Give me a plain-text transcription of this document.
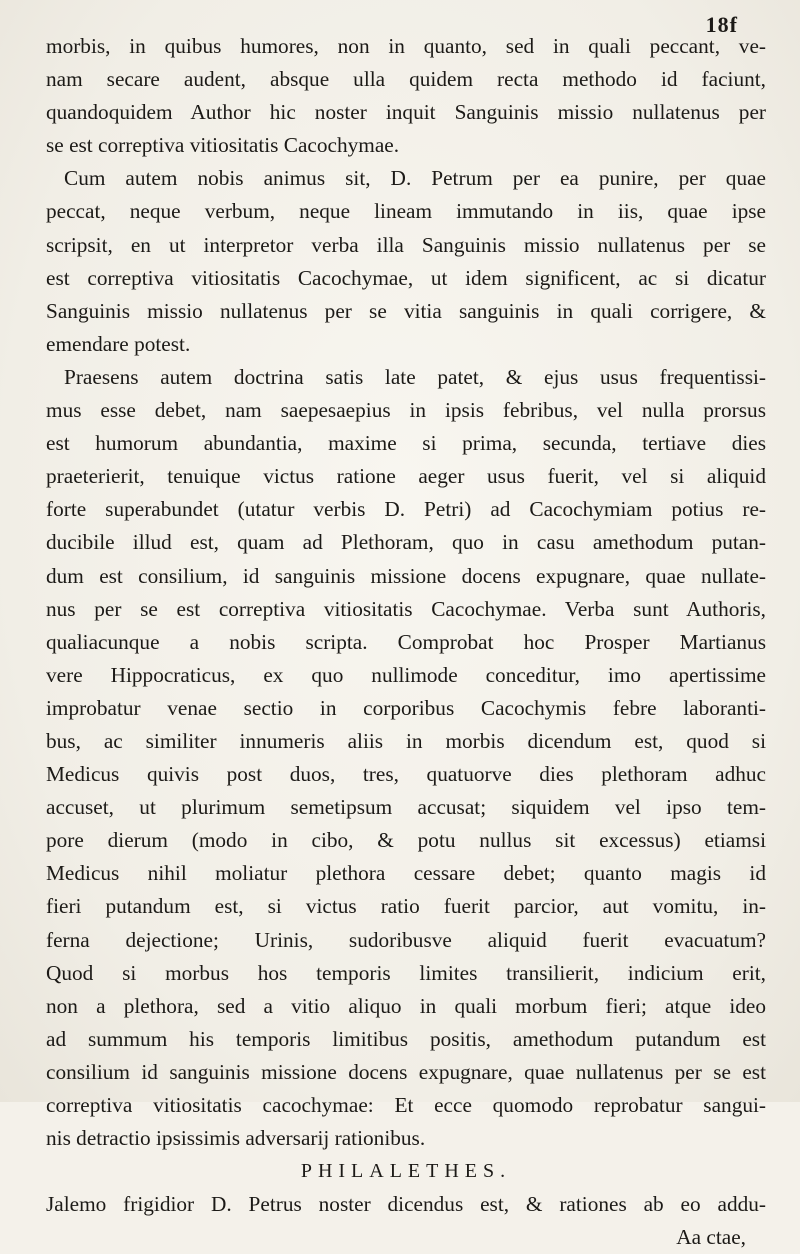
18f
morbis, in quibus humores, non in quanto, sed in quali peccant, ve-
nam secare audent, absque ulla quidem recta methodo id faciunt,
quandoquidem Author hic noster inquit Sanguinis missio nullatenus per
se est correptiva vitiositatis Cacochymae.
Cum autem nobis animus sit, D. Petrum per ea punire, per quae
peccat, neque verbum, neque lineam immutando in iis, quae ipse
scripsit, en ut interpretor verba illa Sanguinis missio nullatenus per se
est correptiva vitiositatis Cacochymae, ut idem significent, ac si dicatur
Sanguinis missio nullatenus per se vitia sanguinis in quali corrigere, &
emendare potest.
Praesens autem doctrina satis late patet, & ejus usus frequentissi-
mus esse debet, nam saepesaepius in ipsis febribus, vel nulla prorsus
est humorum abundantia, maxime si prima, secunda, tertiave dies
praeterierit, tenuique victus ratione aeger usus fuerit, vel si aliquid
forte superabundet (utatur verbis D. Petri) ad Cacochymiam potius re-
ducibile illud est, quam ad Plethoram, quo in casu amethodum putan-
dum est consilium, id sanguinis missione docens expugnare, quae nullate-
nus per se est correptiva vitiositatis Cacochymae. Verba sunt Authoris,
qualiacunque a nobis scripta. Comprobat hoc Prosper Martianus
vere Hippocraticus, ex quo nullimode conceditur, imo apertissime
improbatur venae sectio in corporibus Cacochymis febre laboranti-
bus, ac similiter innumeris aliis in morbis dicendum est, quod si
Medicus quivis post duos, tres, quatuorve dies plethoram adhuc
accuset, ut plurimum semetipsum accusat; siquidem vel ipso tem-
pore dierum (modo in cibo, & potu nullus sit excessus) etiamsi
Medicus nihil moliatur plethora cessare debet; quanto magis id
fieri putandum est, si victus ratio fuerit parcior, aut vomitu, in-
ferna dejectione; Urinis, sudoribusve aliquid fuerit evacuatum?
Quod si morbus hos temporis limites transilierit, indicium erit,
non a plethora, sed a vitio aliquo in quali morbum fieri; atque ideo
ad summum his temporis limitibus positis, amethodum putandum est
consilium id sanguinis missione docens expugnare, quae nullatenus per se est
correptiva vitiositatis cacochymae: Et ecce quomodo reprobatur sangui-
nis detractio ipsissimis adversarij rationibus.
PHILALETHES.
Jalemo frigidior D. Petrus noster dicendus est, & rationes ab eo addu-
Aa ctae,
